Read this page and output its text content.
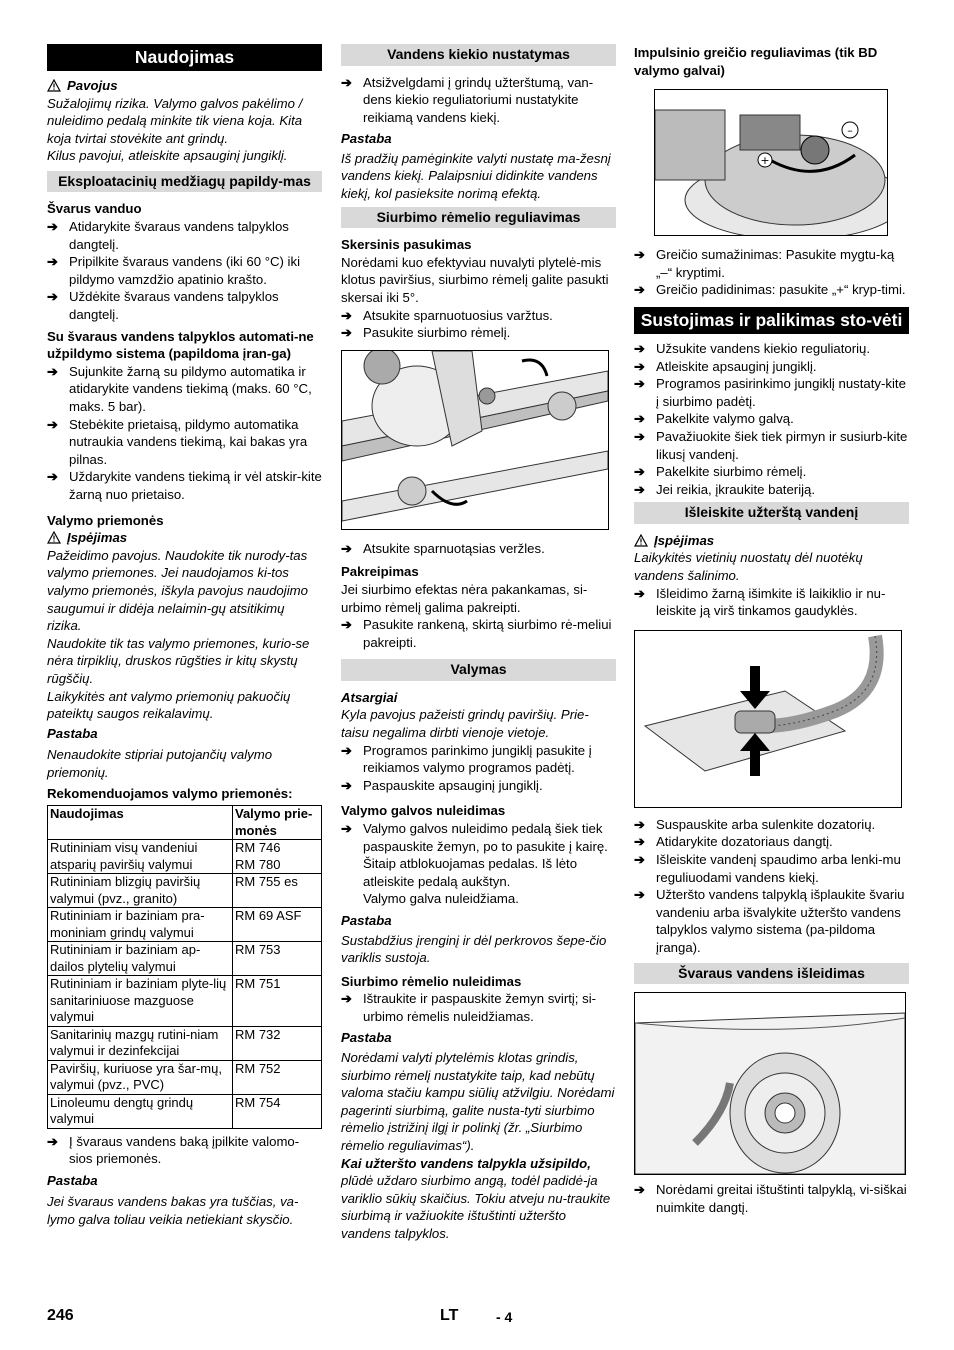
Naudojimas
Pavojus

Sužalojimų rizika. Valymo galvos pakėlimo / nuleidimo pedalą minkite tik viena koja. Kita koja tvirtai stovėkite ant grindų.

Kilus pavojui, atleiskite apsauginį jungiklį.

Eksploatacinių medžiagų papildy-mas
Švarus vanduo
➔ Atidarykite švaraus vandens talpyklos dangtelį.
➔ Pripilkite švaraus vandens (iki 60 °C) iki pildymo vamzdžio apatinio krašto.
➔ Uždėkite švaraus vandens talpyklos dangtelį.
Su švaraus vandens talpyklos automati-ne užpildymo sistema (papildoma įran-ga)
➔ Sujunkite žarną su pildymo automatika ir atidarykite vandens tiekimą (maks. 60 °C, maks. 5 bar).
➔ Stebėkite prietaisą, pildymo automatika nutraukia vandens tiekimą, kai bakas yra pilnas.
➔ Uždarykite vandens tiekimą ir vėl atskir-kite žarną nuo prietaiso.
Valymo priemonės
Įspėjimas

Pažeidimo pavojus. Naudokite tik nurody-tas valymo priemones. Jei naudojamos ki-tos valymo priemonės, iškyla pavojus naudojimo saugumui ir didėja nelaimin-gų atsitikimų rizika.

Naudokite tik tas valymo priemones, kurio-se nėra tirpiklių, druskos rūgšties ir kitų skystų rūgščių.

Laikykitės ant valymo priemonių pakuočių pateiktų saugos reikalavimų.

Pastaba

Nenaudokite stipriai putojančių valymo priemonių.

Rekomenduojamos valymo priemonės:
Naudojimas	Valymo prie-monės
Rutininiam visų vandeniui atsparių paviršių valymui	RM 746
RM 780
Rutininiam blizgių paviršių valymui (pvz., granito)	RM 755 es
Rutininiam ir baziniam pra-moniniam grindų valymui	RM 69 ASF
Rutininiam ir baziniam ap-dailos plytelių valymui	RM 753
Rutininiam ir baziniam plyte-lių sanitariniuose mazguose valymui	RM 751
Sanitarinių mazgų rutini-niam valymui ir dezinfekcijai	RM 732
Paviršių, kuriuose yra šar-mų, valymui (pvz., PVC)	RM 752
Linoleumu dengtų grindų valymui	RM 754
➔ Į švaraus vandens baką įpilkite valomo-sios priemonės.
Pastaba

Jei švaraus vandens bakas yra tuščias, va-lymo galva toliau veikia netiekiant skysčio.

Vandens kiekio nustatymas
➔ Atsižvelgdami į grindų užterštumą, van-dens kiekio reguliatoriumi nustatykite reikiamą vandens kiekį.
Pastaba

Iš pradžių pamėginkite valyti nustatę ma-žesnį vandens kiekį. Palaipsniui didinkite vandens kiekį, kol pasieksite norimą efektą.

Siurbimo rėmelio reguliavimas
Skersinis pasukimas

Norėdami kuo efektyviau nuvalyti plytelė-mis klotus paviršius, siurbimo rėmelį galite pasukti skersai iki 5°.

➔ Atsukite sparnuotuosius varžtus.
➔ Pasukite siurbimo rėmelį.
➔ Atsukite sparnuotąsias veržles.
Pakreipimas

Jei siurbimo efektas nėra pakankamas, si-urbimo rėmelį galima pakreipti.

➔ Pasukite rankeną, skirtą siurbimo rė-meliui pakreipti.
Valymas
Atsargiai

Kyla pavojus pažeisti grindų paviršių. Prie-taisu negalima dirbti vienoje vietoje.

➔ Programos parinkimo jungiklį pasukite į reikiamos valymo programos padėtį.
➔ Paspauskite apsauginį jungiklį.
Valymo galvos nuleidimas
➔ Valymo galvos nuleidimo pedalą šiek tiek paspauskite žemyn, po to pasukite į kairę. Šitaip atblokuojamas pedalas. Iš lėto atleiskite pedalą aukštyn.

Valymo galva nuleidžiama.

Pastaba

Sustabdžius įrenginį ir dėl perkrovos šepe-čio variklis sustoja.

Siurbimo rėmelio nuleidimas
➔ Ištraukite ir paspauskite žemyn svirtį; si-urbimo rėmelis nuleidžiamas.
Pastaba

Norėdami valyti plytelėmis klotas grindis, siurbimo rėmelį nustatykite taip, kad nebūtų valoma stačiu kampu siūlių atžvilgiu. Norėdami pagerinti siurbimą, galite nusta-tyti siurbimo rėmelio įstrižinį ilgį ir polinkį (žr. „Siurbimo rėmelio reguliavimas“).

Kai užteršto vandens talpykla užsipildo,

plūdė uždaro siurbimo angą, todėl padidė-ja variklio sūkių skaičius. Tokiu atveju nu-traukite siurbimą ir važiuokite ištuštinti užteršto vandens talpyklos.

Impulsinio greičio reguliavimas (tik BD valymo galvai)
+
–
➔ Greičio sumažinimas: Pasukite mygtu-ką „–“ kryptimi.
➔ Greičio padidinimas: pasukite „+“ kryp-timi.
Sustojimas ir palikimas sto-vėti
➔ Užsukite vandens kiekio reguliatorių.
➔ Atleiskite apsauginį jungiklį.
➔ Programos pasirinkimo jungiklį nustaty-kite į siurbimo padėtį.
➔ Pakelkite valymo galvą.
➔ Pavažiuokite šiek tiek pirmyn ir susiurb-kite likusį vandenį.
➔ Pakelkite siurbimo rėmelį.
➔ Jei reikia, įkraukite bateriją.
Išleiskite užterštą vandenį
Įspėjimas

Laikykitės vietinių nuostatų dėl nuotėkų vandens šalinimo.

➔ Išleidimo žarną išimkite iš laikiklio ir nu-leiskite ją virš tinkamos gaudyklės.
➔ Suspauskite arba sulenkite dozatorių.
➔ Atidarykite dozatoriaus dangtį.
➔ Išleiskite vandenį spaudimo arba lenki-mu reguliuodami vandens kiekį.
➔ Užteršto vandens talpyklą išplaukite švariu vandeniu arba išvalykite užteršto vandens talpyklos valymo sistema (pa-pildoma įranga).
Švaraus vandens išleidimas
➔ Norėdami greitai ištuštinti talpyklą, vi-siškai nuimkite dangtį.
246	LT	- 4
